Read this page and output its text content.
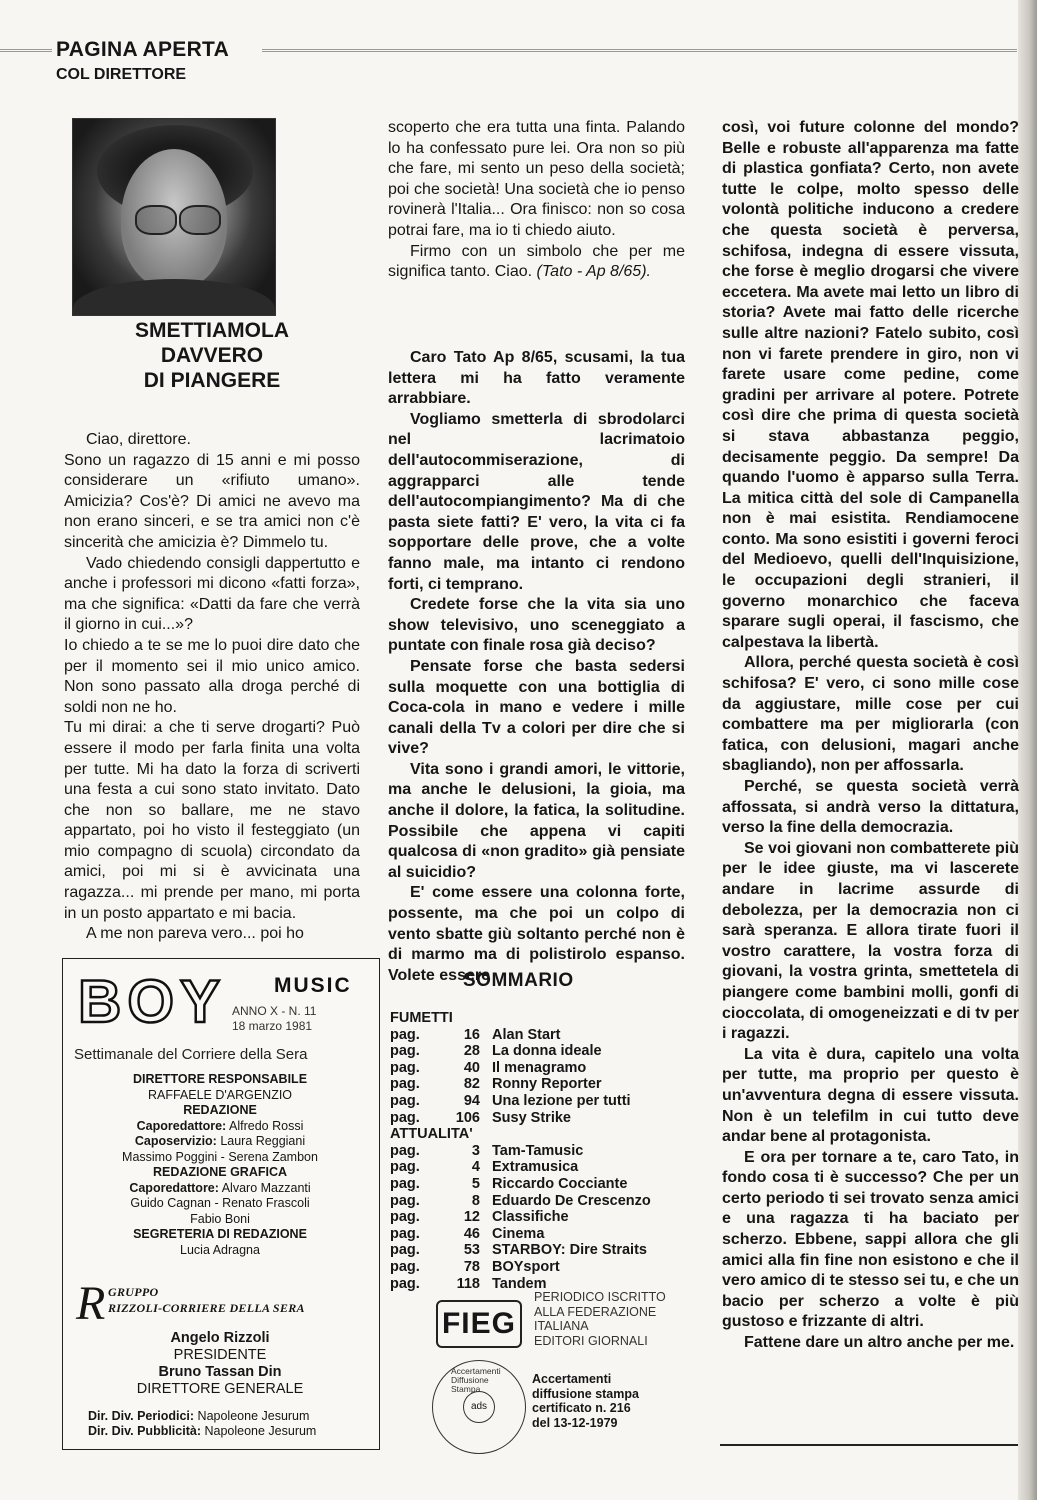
PAGINA APERTA
COL DIRETTORE
SMETTIAMOLA
DAVVERO
DI PIANGERE

Ciao, direttore.

Sono un ragazzo di 15 anni e mi posso considerare un «rifiuto umano». Amicizia? Cos'è? Di amici ne avevo ma non erano sinceri, e se tra amici non c'è sincerità che amicizia è? Dimmelo tu.

Vado chiedendo consigli dappertutto e anche i professori mi dicono «fatti forza», ma che significa: «Datti da fare che verrà il giorno in cui...»?

Io chiedo a te se me lo puoi dire dato che per il momento sei il mio unico amico. Non sono passato alla droga perché di soldi non ne ho.

Tu mi dirai: a che ti serve drogarti? Può essere il modo per farla finita una volta per tutte. Mi ha dato la forza di scriverti una festa a cui sono stato invitato. Dato che non so ballare, me ne stavo appartato, poi ho visto il festeggiato (un mio compagno di scuola) circondato da amici, poi mi si è avvicinata una ragazza... mi prende per mano, mi porta in un posto appartato e mi bacia.

A me non pareva vero... poi ho

scoperto che era tutta una finta. Palando lo ha confessato pure lei. Ora non so più che fare, mi sento un peso della società; poi che società! Una società che io penso rovinerà l'Italia... Ora finisco: non so cosa potrai fare, ma io ti chiedo aiuto.

Firmo con un simbolo che per me significa tanto. Ciao. (Tato - Ap 8/65).

Caro Tato Ap 8/65, scusami, la tua lettera mi ha fatto veramente arrabbiare.

Vogliamo smetterla di sbrodolarci nel lacrimatoio dell'autocommiserazione, di aggrapparci alle tende dell'autocompiangimento? Ma di che pasta siete fatti? E' vero, la vita ci fa sopportare delle prove, che a volte fanno male, ma intanto ci rendono forti, ci temprano.

Credete forse che la vita sia uno show televisivo, uno sceneggiato a puntate con finale rosa già deciso?

Pensate forse che basta sedersi sulla moquette con una bottiglia di Coca-cola in mano e vedere i mille canali della Tv a colori per dire che si vive?

Vita sono i grandi amori, le vittorie, ma anche le delusioni, la gioia, ma anche il dolore, la fatica, la solitudine. Possibile che appena vi capiti qualcosa di «non gradito» già pensiate al suicidio?

E' come essere una colonna forte, possente, ma che poi un colpo di vento sbatte giù soltanto perché non è di marmo ma di polistirolo espanso. Volete essere

così, voi future colonne del mondo? Belle e robuste all'apparenza ma fatte di plastica gonfiata? Certo, non avete tutte le colpe, molto spesso delle volontà politiche inducono a credere che questa società è perversa, schifosa, indegna di essere vissuta, che forse è meglio drogarsi che vivere eccetera. Ma avete mai letto un libro di storia? Avete mai fatto delle ricerche sulle altre nazioni? Fatelo subito, così non vi farete prendere in giro, non vi farete usare come pedine, come gradini per arrivare al potere. Potrete così dire che prima di questa società si stava abbastanza peggio, decisamente peggio. Da sempre! Da quando l'uomo è apparso sulla Terra. La mitica città del sole di Campanella non è mai esistita. Rendiamocene conto. Ma sono esistiti i governi feroci del Medioevo, quelli dell'Inquisizione, le occupazioni degli stranieri, il governo monarchico che faceva sparare sugli operai, il fascismo, che calpestava la libertà.

Allora, perché questa società è così schifosa? E' vero, ci sono mille cose da aggiustare, mille cose per cui combattere ma per migliorarla (con fatica, con delusioni, magari anche sbagliando), non per affossarla.

Perché, se questa società verrà affossata, si andrà verso la dittatura, verso la fine della democrazia.

Se voi giovani non combatterete più per le idee giuste, ma vi lascerete andare in lacrime assurde di debolezza, per la democrazia non ci sarà speranza. E allora tirate fuori il vostro carattere, la vostra forza di giovani, la vostra grinta, smettetela di piangere come bambini molli, gonfi di cioccolata, di omogeneizzati e di tv per i ragazzi.

La vita è dura, capitelo una volta per tutte, ma proprio per questo è un'avventura degna di essere vissuta. Non è un telefilm in cui tutto deve andar bene al protagonista.

E ora per tornare a te, caro Tato, in fondo cosa ti è successo? Che per un certo periodo ti sei trovato senza amici e una ragazza ti ha baciato per scherzo. Ebbene, sappi allora che gli amici alla fin fine non esistono e che il vero amico di te stesso sei tu, e che un bacio per scherzo a volte è più gustoso e frizzante di altri.

Fattene dare un altro anche per me.

BOY MUSIC
ANNO X - N. 11
18 marzo 1981
Settimanale del Corriere della Sera
DIRETTORE RESPONSABILE
RAFFAELE D'ARGENZIO
REDAZIONE
Caporedattore: Alfredo Rossi
Caposervizio: Laura Reggiani
Massimo Poggini - Serena Zambon
REDAZIONE GRAFICA
Caporedattore: Alvaro Mazzanti
Guido Cagnan - Renato Frascoli
Fabio Boni
SEGRETERIA DI REDAZIONE
Lucia Adragna
R GRUPPO
RIZZOLI-CORRIERE DELLA SERA
Angelo Rizzoli
PRESIDENTE
Bruno Tassan Din
DIRETTORE GENERALE
Dir. Div. Periodici: Napoleone Jesurum
Dir. Div. Pubblicità: Napoleone Jesurum
SOMMARIO
FUMETTI
pag.	16 Alan Start
pag.	28 La donna ideale
pag.	40 Il menagramo
pag.	82 Ronny Reporter
pag.	94 Una lezione per tutti
pag.	106 Susy Strike
ATTUALITA'
pag.	3 Tam-Tamusic
pag.	4 Extramusica
pag.	5 Riccardo Cocciante
pag.	8 Eduardo De Crescenzo
pag.	12 Classifiche
pag.	46 Cinema
pag.	53 STARBOY: Dire Straits
pag.	78 BOYsport
pag.	118 Tandem
FIEG
PERIODICO ISCRITTO
ALLA FEDERAZIONE
ITALIANA
EDITORI GIORNALI
Accertamenti Diffusione Stampa
ads
Accertamenti
diffusione stampa
certificato n. 216
del 13-12-1979
